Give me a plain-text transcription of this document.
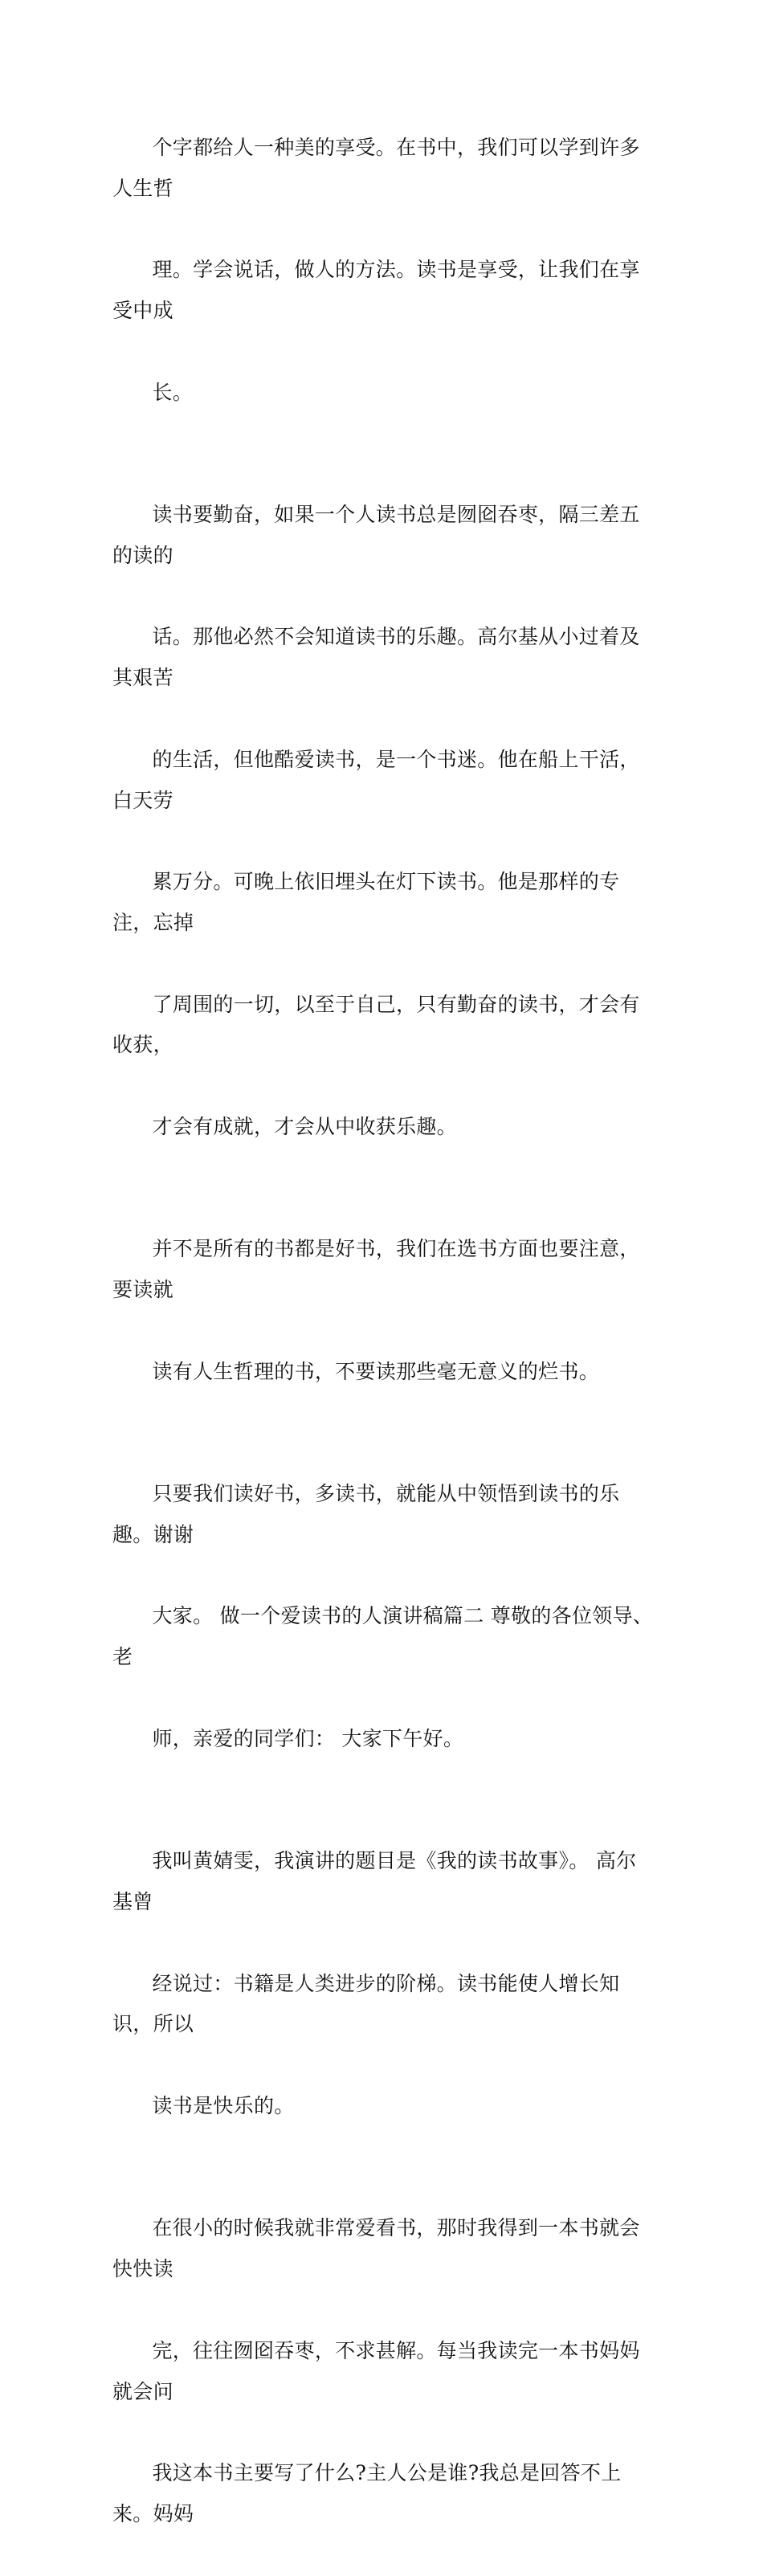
个字都给人一种美的享受。在书中，我们可以学到许多人生哲

理。学会说话，做人的方法。读书是享受，让我们在享受中成

长。

读书要勤奋，如果一个人读书总是囫囵吞枣，隔三差五的读的

话。那他必然不会知道读书的乐趣。高尔基从小过着及其艰苦

的生活，但他酷爱读书，是一个书迷。他在船上干活，白天劳

累万分。可晚上依旧埋头在灯下读书。他是那样的专注，忘掉

了周围的一切，以至于自己，只有勤奋的读书，才会有收获，

才会有成就，才会从中收获乐趣。

并不是所有的书都是好书，我们在选书方面也要注意，要读就

读有人生哲理的书，不要读那些毫无意义的烂书。

只要我们读好书，多读书，就能从中领悟到读书的乐趣。谢谢

大家。 做一个爱读书的人演讲稿篇二 尊敬的各位领导、老

师，亲爱的同学们： 大家下午好。

我叫黄婧雯，我演讲的题目是《我的读书故事》。 高尔基曾

经说过：书籍是人类进步的阶梯。读书能使人增长知识，所以

读书是快乐的。

在很小的时候我就非常爱看书，那时我得到一本书就会快快读

完，往往囫囵吞枣，不求甚解。每当我读完一本书妈妈就会问

我这本书主要写了什么?主人公是谁?我总是回答不上来。妈妈
